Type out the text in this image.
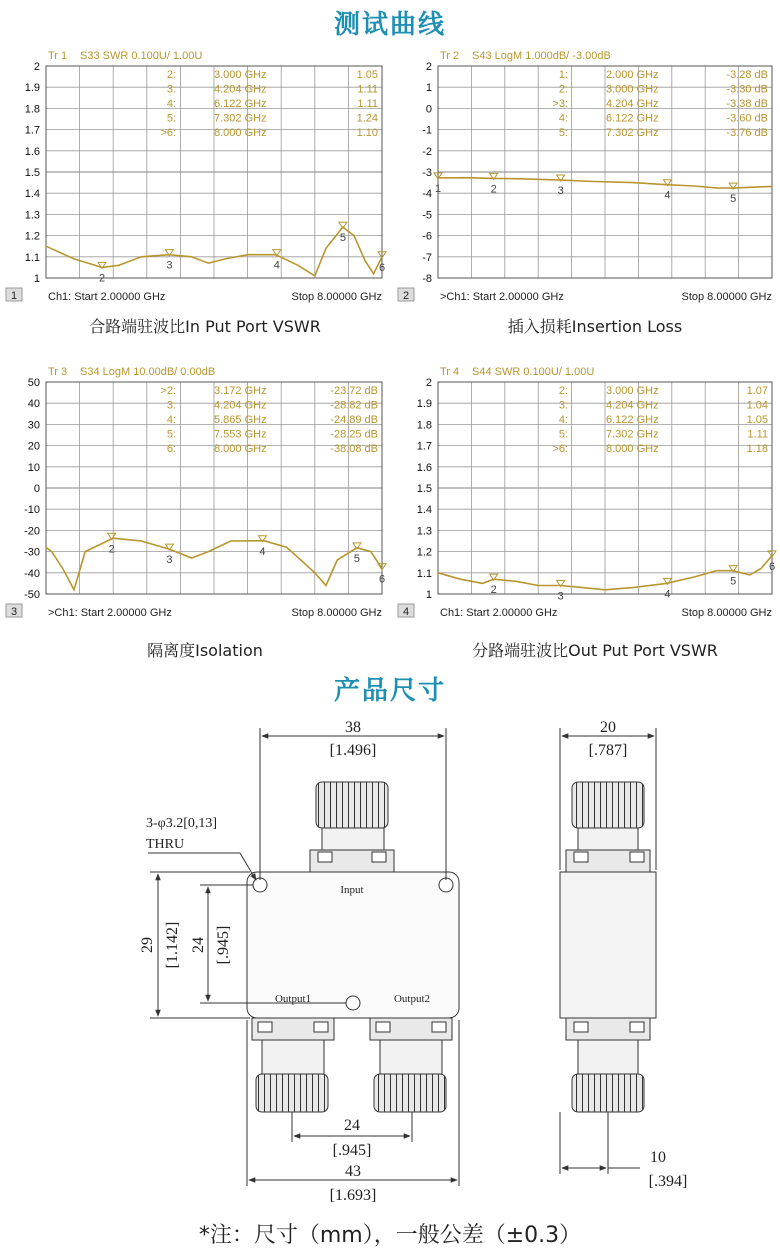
测试曲线
Tr 1 S33 SWR 0.100U/ 1.00U
2
1.9
1.8
1.7
1.6
1.5
1.4
1.3
1.2
1.1
1
2:	3.000 GHz	1.05
3:	4.204 GHz	1.11
4:	6.122 GHz	1.11
5:	7.302 GHz	1.24
>6:	8.000 GHz	1.10
2
3	4
5
6
1	Ch1: Start 2.00000 GHz	Stop 8.00000 GHz
Tr 2 S43 LogM 1.000dB/ -3.00dB
2
1
0
-1
-2
-3
-4
-5
-6
-7
-8
1:	2.000 GHz	-3.28 dB
2:	3.000 GHz	-3.30 dB
>3:	4.204 GHz	-3.38 dB
4:	6.122 GHz	-3.60 dB
5:	7.302 GHz	-3.76 dB
1	2	3	4	5
2	>Ch1: Start 2.00000 GHz	Stop 8.00000 GHz
Tr 3 S34 LogM 10.00dB/ 0.00dB
50
40
30
20
10
0
-10
-20
-30
-40
-50
>2:	3.172 GHz	-23.72 dB
3:	4.204 GHz	-28.82 dB
4:	5.865 GHz	-24.89 dB
5:	7.553 GHz	-28.25 dB
6:	8.000 GHz	-38.08 dB
2
3
4
5
6
3	>Ch1: Start 2.00000 GHz	Stop 8.00000 GHz
Tr 4 S44 SWR 0.100U/ 1.00U
2
1.9
1.8
1.7
1.6
1.5
1.4
1.3
1.2
1.1
1
2:	3.000 GHz	1.07
3:	4.204 GHz	1.04
4:	6.122 GHz	1.05
5:	7.302 GHz	1.11
>6:	8.000 GHz	1.18
2
3	4
5
6
4	Ch1: Start 2.00000 GHz	Stop 8.00000 GHz
合路端驻波比In Put Port VSWR	插入损耗Insertion Loss
隔离度Isolation	分路端驻波比Out Put Port VSWR
产品尺寸
Input
Output1	Output2
38
[1.496]
3-φ3.2[0,13]
THRU
29 [1.142] 24 [.945]
24
[.945]
43
[1.693]
20
[.787]
10
[.394]
*注：尺寸（mm），一般公差（±0.3）
